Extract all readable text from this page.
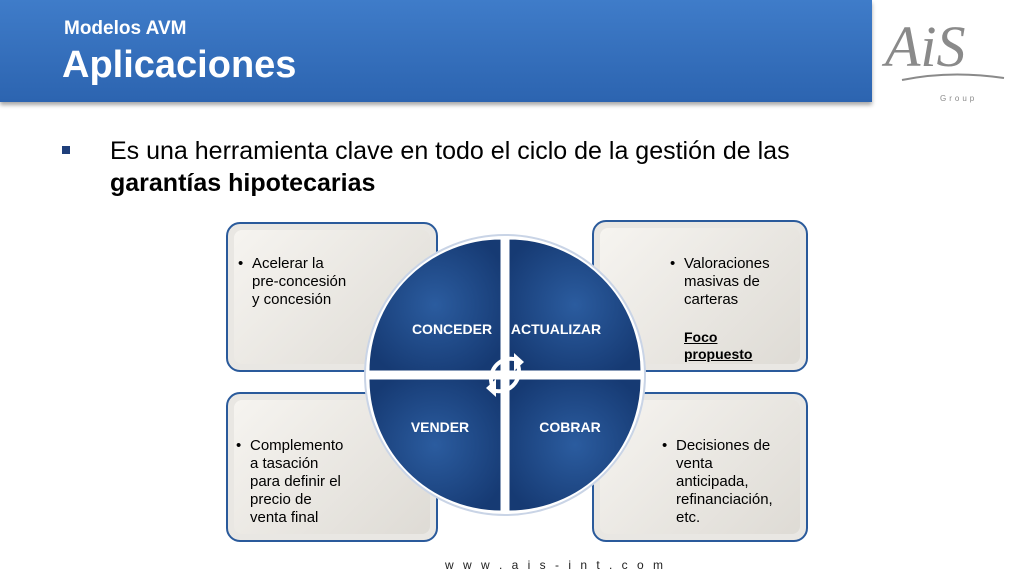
Modelos AVM
Aplicaciones	AiS
Group
Es una herramienta clave en todo el ciclo de la gestión de las
garantías hipotecarias
• Acelerar la
pre-concesión
y concesión
• Valoraciones
masivas de
carteras
Foco propuesto
• Complemento
a tasación
para definir el
precio de
venta final
• Decisiones de
venta
anticipada,
refinanciación,
etc.
CONCEDER ACTUALIZAR
VENDER	COBRAR
w w w . a i s - i n t . c o m
